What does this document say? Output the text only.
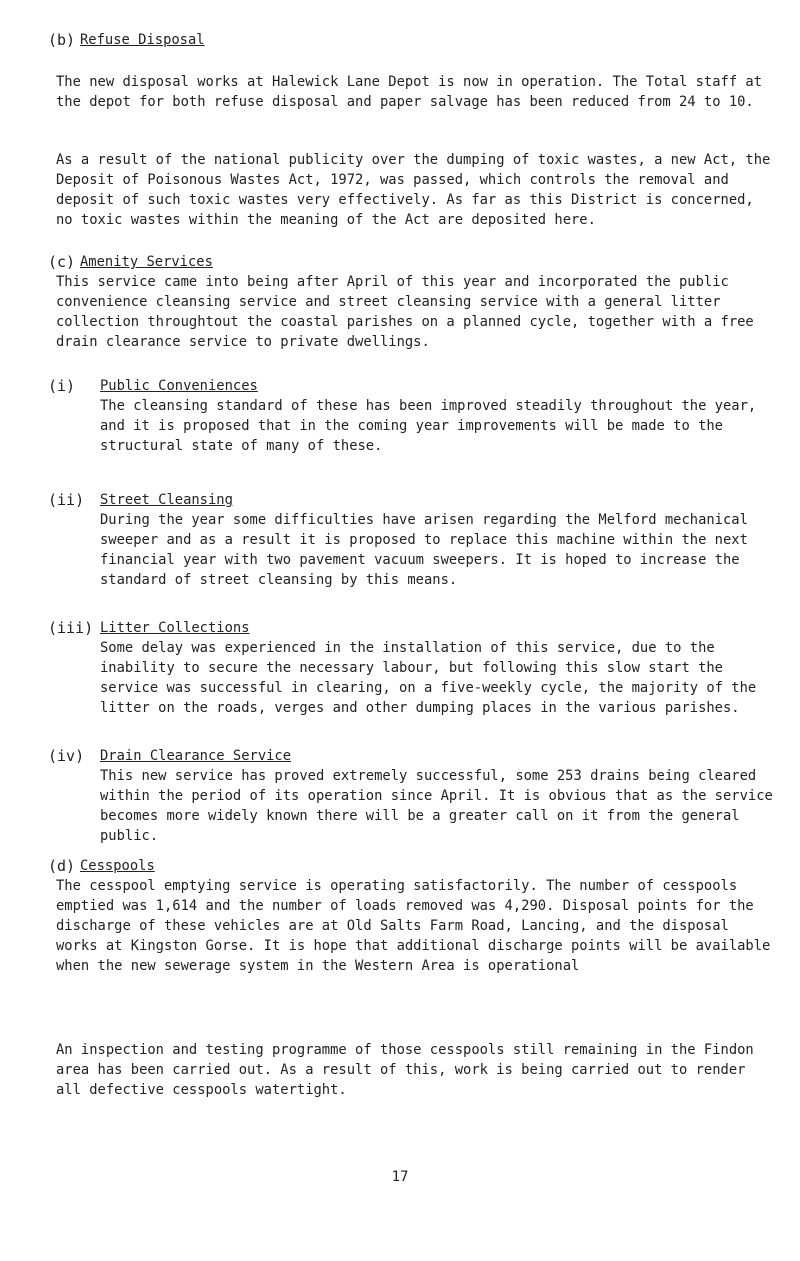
(b) Refuse Disposal

The new disposal works at Halewick Lane Depot is now in operation. The Total staff at the depot for both refuse disposal and paper salvage has been reduced from 24 to 10.

As a result of the national publicity over the dumping of toxic wastes, a new Act, the Deposit of Poisonous Wastes Act, 1972, was passed, which controls the removal and deposit of such toxic wastes very effectively. As far as this District is concerned, no toxic wastes within the meaning of the Act are deposited here.

(c) Amenity Services

This service came into being after April of this year and incorporated the public convenience cleansing service and street cleansing service with a general litter collection throughtout the coastal parishes on a planned cycle, together with a free drain clearance service to private dwellings.

(i) Public Conveniences

The cleansing standard of these has been improved steadily throughout the year, and it is proposed that in the coming year improvements will be made to the structural state of many of these.

(ii) Street Cleansing

During the year some difficulties have arisen regarding the Melford mechanical sweeper and as a result it is proposed to replace this machine within the next financial year with two pavement vacuum sweepers. It is hoped to increase the standard of street cleansing by this means.

(iii) Litter Collections

Some delay was experienced in the installation of this service, due to the inability to secure the necessary labour, but following this slow start the service was successful in clearing, on a five-weekly cycle, the majority of the litter on the roads, verges and other dumping places in the various parishes.

(iv) Drain Clearance Service

This new service has proved extremely successful, some 253 drains being cleared within the period of its operation since April. It is obvious that as the service becomes more widely known there will be a greater call on it from the general public.

(d) Cesspools

The cesspool emptying service is operating satisfactorily. The number of cesspools emptied was 1,614 and the number of loads removed was 4,290. Disposal points for the discharge of these vehicles are at Old Salts Farm Road, Lancing, and the disposal works at Kingston Gorse. It is hope that additional discharge points will be available when the new sewerage system in the Western Area is operational

An inspection and testing programme of those cesspools still remaining in the Findon area has been carried out. As a result of this, work is being carried out to render all defective cesspools watertight.

17
